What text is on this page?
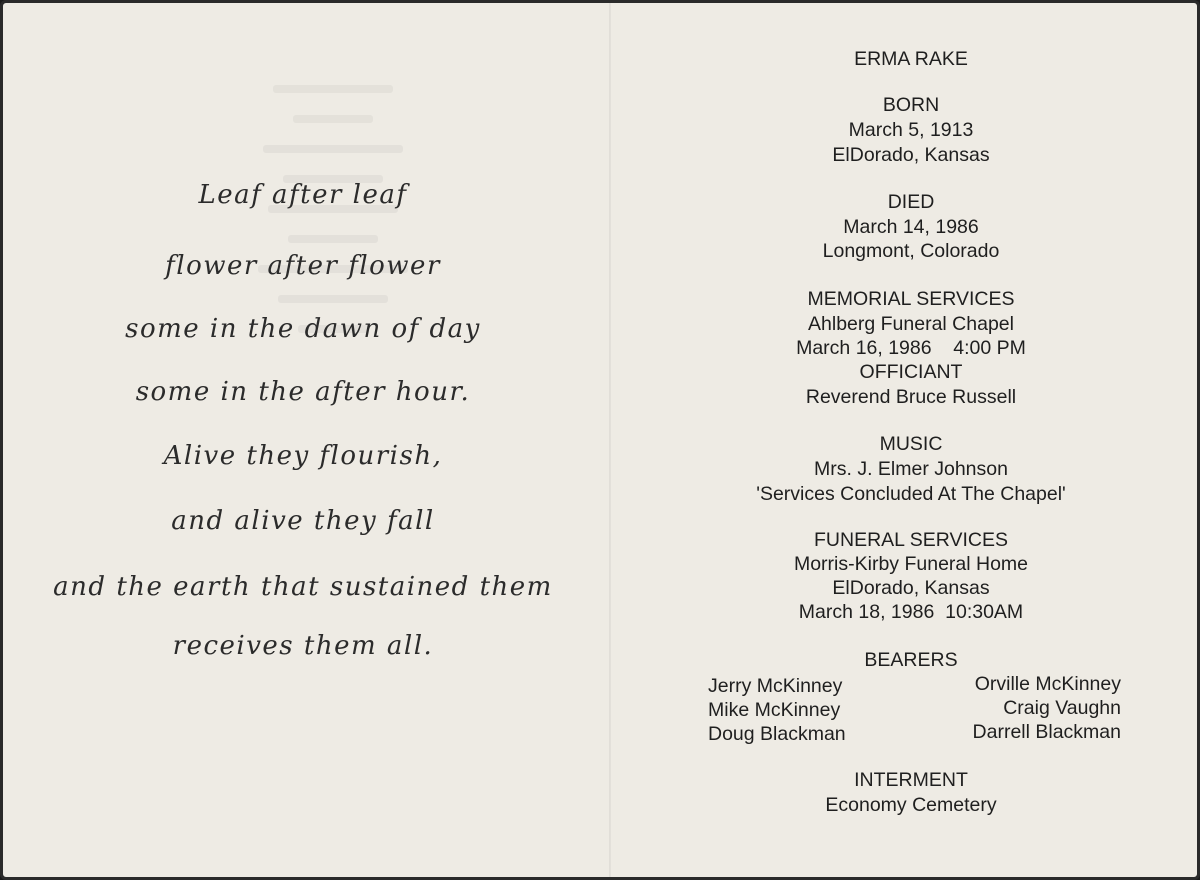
Leaf after leaf
flower after flower
some in the dawn of day
some in the after hour.
Alive they flourish,
and alive they fall
and the earth that sustained them
receives them all.
ERMA RAKE
BORN
March 5, 1913
ElDorado, Kansas
DIED
March 14, 1986
Longmont, Colorado
MEMORIAL SERVICES
Ahlberg Funeral Chapel
March 16, 1986    4:00 PM
OFFICIANT
Reverend Bruce Russell
MUSIC
Mrs. J. Elmer Johnson
'Services Concluded At The Chapel'
FUNERAL SERVICES
Morris-Kirby Funeral Home
ElDorado, Kansas
March 18, 1986  10:30AM
BEARERS
Jerry McKinney
Mike McKinney
Doug Blackman
Orville McKinney
Craig Vaughn
Darrell Blackman
INTERMENT
Economy Cemetery
